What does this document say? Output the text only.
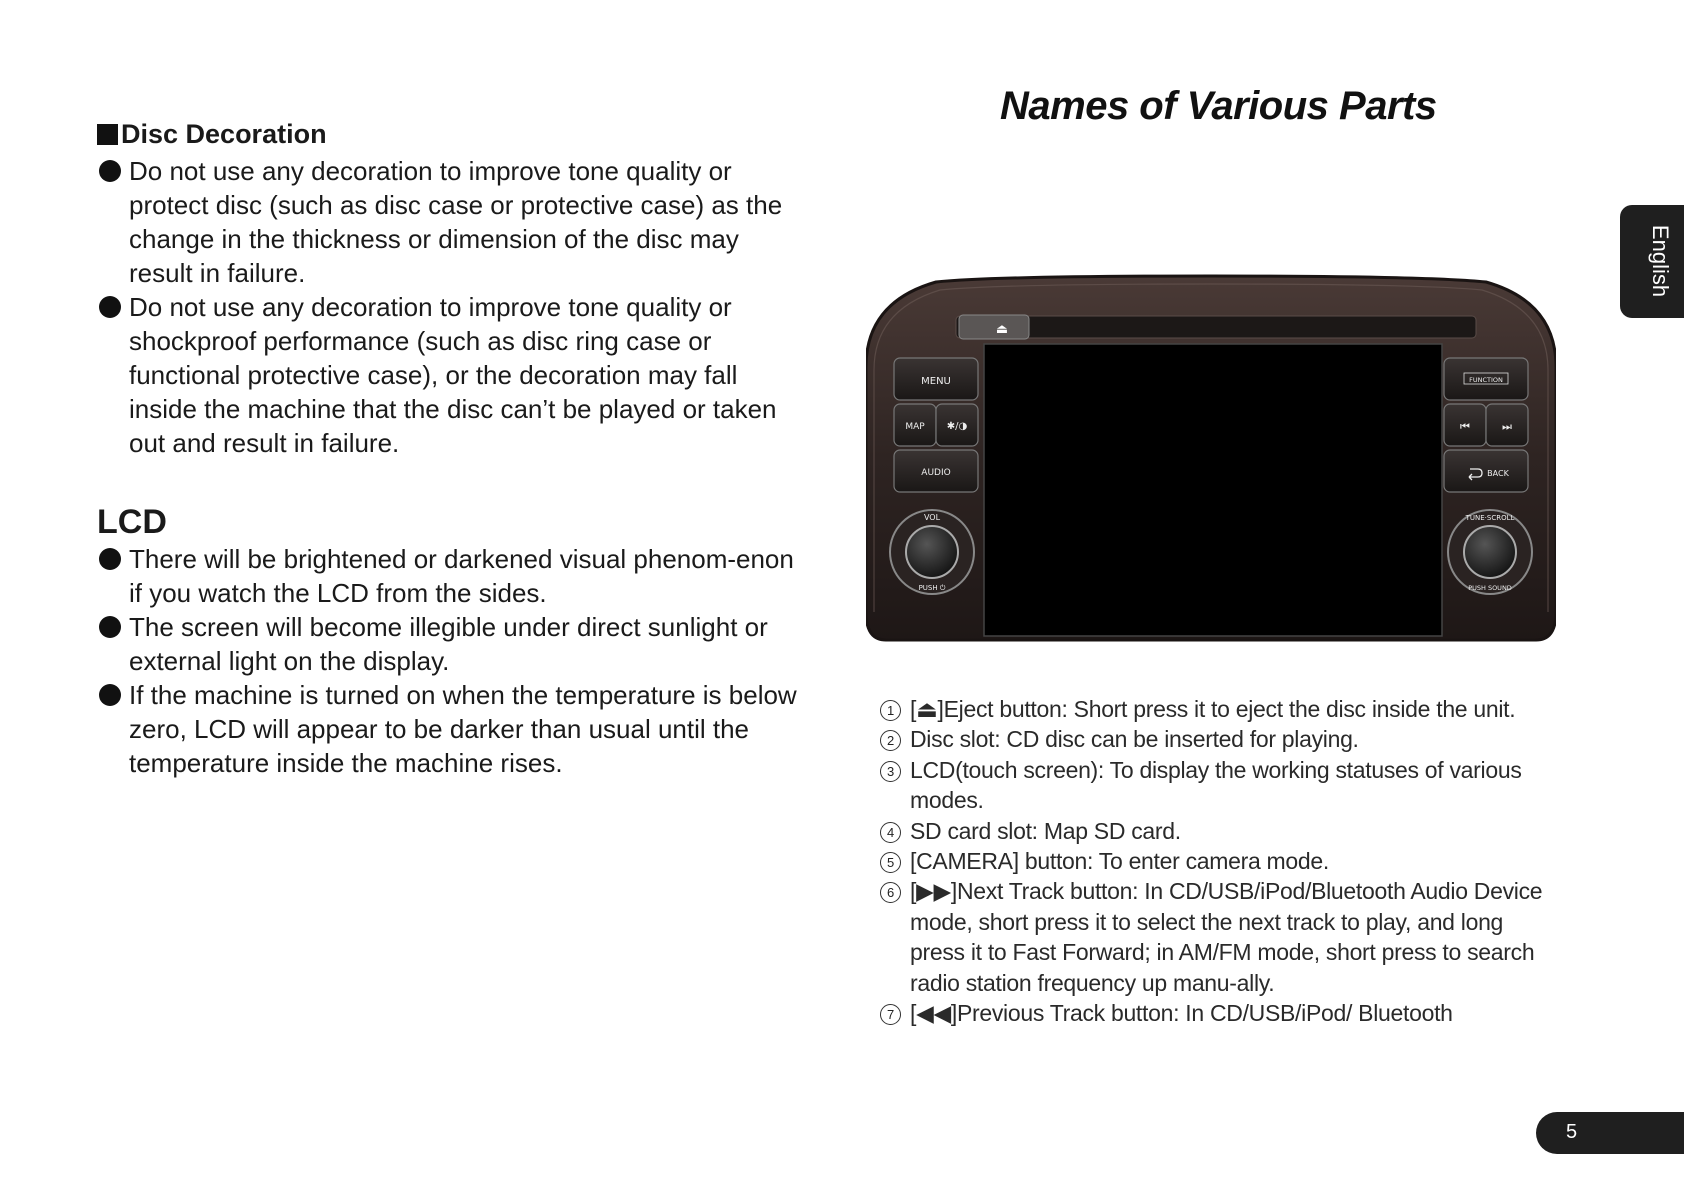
Disc Decoration
Do not use any decoration to improve tone quality or protect disc (such as disc case or protective case) as the change in the thickness or dimension of the disc may result in failure.
Do not use any decoration to improve tone quality or shockproof performance (such as disc ring case or functional protective case), or the decoration may fall inside the machine that the disc can’t be played or taken out and result in failure.
LCD
There will be brightened or darkened visual phenom-enon if you watch the LCD from the sides.
The screen will become illegible under direct sunlight or external light on the display.
If the machine is turned on when the temperature is below zero, LCD will appear to be darker than usual until the temperature inside the machine rises.
Names of Various Parts
English
⏏
MENU
MAP ✱/◑
AUDIO
VOL
PUSH ⏻
FUNCTION
⏮	⏭
BACK
TUNE·SCROLL
PUSH SOUND
1 [⏏]Eject button: Short press it to eject the disc inside the unit.
2 Disc slot: CD disc can be inserted for playing.
3 LCD(touch screen): To display the working statuses of various modes.
4 SD card slot: Map SD card.
5 [CAMERA] button: To enter camera mode.
6 [▶▶]Next Track button: In CD/USB/iPod/Bluetooth Audio Device mode, short press it to select the next track to play, and long press it to Fast Forward; in AM/FM mode, short press to search radio station frequency up manu-ally.
7 [◀◀]Previous Track button: In CD/USB/iPod/ Bluetooth
5
